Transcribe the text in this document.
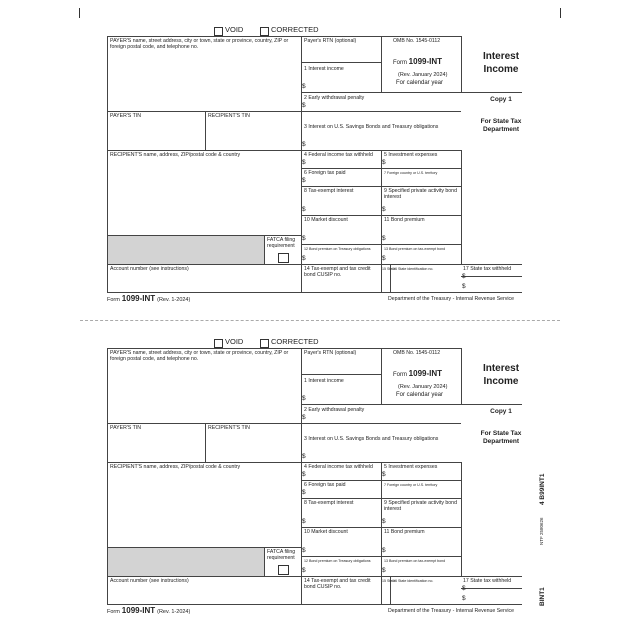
VOID	CORRECTED
PAYER'S name, street address, city or town, state or province, country, ZIP or foreign postal code, and telephone no.
Payer's RTN (optional)	OMB No. 1545-0112
Form 1099-INT
(Rev. January 2024)
For calendar year
1 Interest income
$
2 Early withdrawal penalty
$
Interest
Income
Copy 1
For State Tax
Department
PAYER'S TIN	RECIPIENT'S TIN
3 Interest on U.S. Savings Bonds and Treasury obligations
$
RECIPIENT'S name, address, ZIP/postal code & country	4 Federal income tax withheld
$
5 Investment expenses
$
6 Foreign tax paid
$
7 Foreign country or U.S. territory
8 Tax-exempt interest
$
9 Specified private activity bond interest
$
10 Market discount
$
11 Bond premium
$
FATCA filing requirement	12 Bond premium on Treasury obligations
$
13 Bond premium on tax-exempt bond
$
Account number (see instructions)	14 Tax-exempt and tax credit bond CUSIP no.
15 State
16 State identification no.	17 State tax withheld
$
$
Form 1099-INT (Rev. 1-2024)	Department of the Treasury - Internal Revenue Service
VOID	CORRECTED
PAYER'S name, street address, city or town, state or province, country, ZIP or foreign postal code, and telephone no.
Payer's RTN (optional)	OMB No. 1545-0112
Form 1099-INT
(Rev. January 2024)
For calendar year
1 Interest income
$
2 Early withdrawal penalty
$
Interest
Income
Copy 1
For State Tax
Department
PAYER'S TIN	RECIPIENT'S TIN
3 Interest on U.S. Savings Bonds and Treasury obligations
$
RECIPIENT'S name, address, ZIP/postal code & country	4 Federal income tax withheld
$
5 Investment expenses
$
6 Foreign tax paid
$
7 Foreign country or U.S. territory
8 Tax-exempt interest
$
9 Specified private activity bond interest
$
10 Market discount
$
11 Bond premium
$
FATCA filing requirement	12 Bond premium on Treasury obligations
$
13 Bond premium on tax-exempt bond
$
Account number (see instructions)	14 Tax-exempt and tax credit bond CUSIP no.
15 State
16 State identification no.	17 State tax withheld
$
$
Form 1099-INT (Rev. 1-2024)	Department of the Treasury - Internal Revenue Service
4 B99INT1
NTF 2580626
BINT1
